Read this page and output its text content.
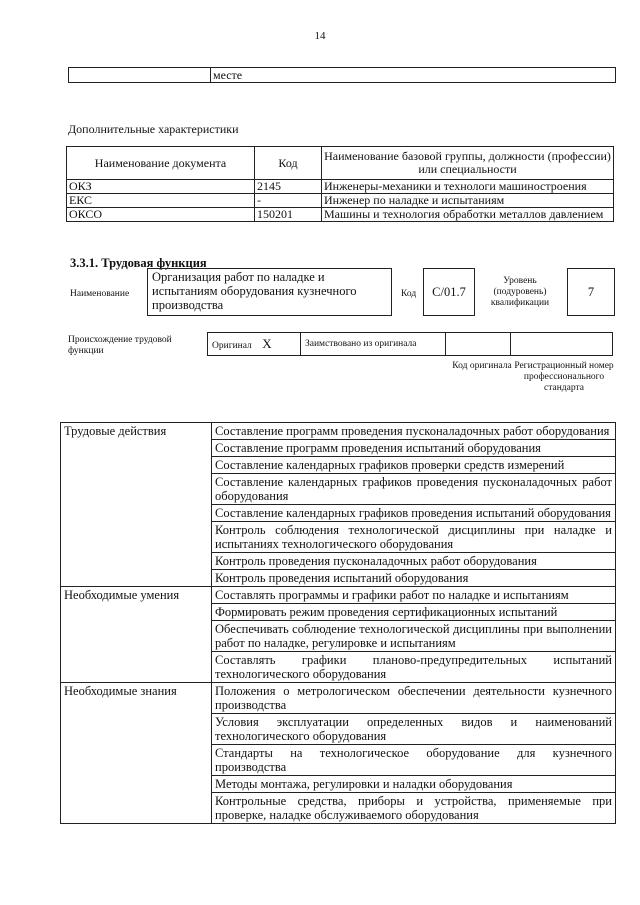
14
	месте
Дополнительные характеристики
Наименование документа	Код	Наименование базовой группы, должности (профессии) или специальности
ОКЗ	2145	Инженеры-механики и технологи машиностроения
ЕКС	-	Инженер по наладке и испытаниям
ОКСО	150201	Машины и технология обработки металлов давлением
3.3.1. Трудовая функция
Наименование
Организация работ по наладке и испытаниям оборудования кузнечного производства
Код	C/01.7
Уровень (подуровень) квалификации
7
Происхождение трудовой функции	Оригинал X	Заимствовано из оригинала		
Код оригинала Регистрационный номер профессионального стандарта
Трудовые действия	Составление программ проведения пусконаладочных работ оборудования
	Составление программ проведения испытаний оборудования
	Составление календарных графиков проверки средств измерений
	Составление календарных графиков проведения пусконаладочных работ оборудования
	Составление календарных графиков проведения испытаний оборудования
	Контроль соблюдения технологической дисциплины при наладке и испытаниях технологического оборудования
	Контроль проведения пусконаладочных работ оборудования
	Контроль проведения испытаний оборудования
Необходимые умения	Составлять программы и графики работ по наладке и испытаниям
	Формировать режим проведения сертификационных испытаний
	Обеспечивать соблюдение технологической дисциплины при выполнении работ по наладке, регулировке и испытаниям
	Составлять графики планово-предупредительных испытаний технологического оборудования
Необходимые знания	Положения о метрологическом обеспечении деятельности кузнечного производства
	Условия эксплуатации определенных видов и наименований технологического оборудования
	Стандарты на технологическое оборудование для кузнечного производства
	Методы монтажа, регулировки и наладки оборудования
	Контрольные средства, приборы и устройства, применяемые при проверке, наладке обслуживаемого оборудования
